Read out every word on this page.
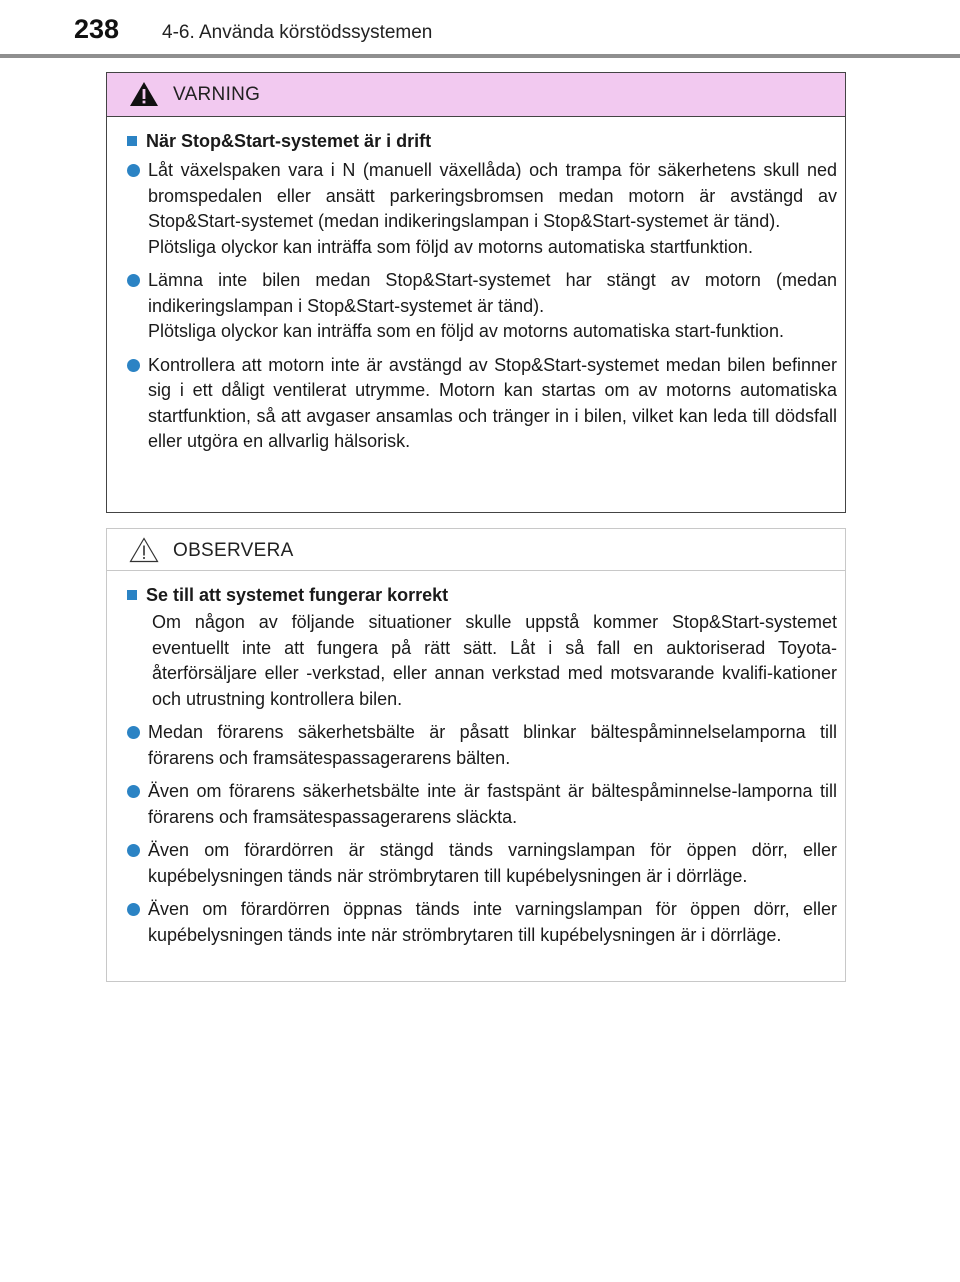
238 4-6. Använda körstödssystemen
VARNING
När Stop&Start-systemet är i drift

Låt växelspaken vara i N (manuell växellåda) och trampa för säkerhetens skull ned bromspedalen eller ansätt parkeringsbromsen medan motorn är avstängd av Stop&Start-systemet (medan indikeringslampan i Stop&Start-systemet är tänd).

Plötsliga olyckor kan inträffa som följd av motorns automatiska startfunktion.

Lämna inte bilen medan Stop&Start-systemet har stängt av motorn (medan indikeringslampan i Stop&Start-systemet är tänd).

Plötsliga olyckor kan inträffa som en följd av motorns automatiska start-funktion.

Kontrollera att motorn inte är avstängd av Stop&Start-systemet medan bilen befinner sig i ett dåligt ventilerat utrymme. Motorn kan startas om av motorns automatiska startfunktion, så att avgaser ansamlas och tränger in i bilen, vilket kan leda till dödsfall eller utgöra en allvarlig hälsorisk.

OBSERVERA
Se till att systemet fungerar korrekt

Om någon av följande situationer skulle uppstå kommer Stop&Start-systemet eventuellt inte att fungera på rätt sätt. Låt i så fall en auktoriserad Toyota-återförsäljare eller -verkstad, eller annan verkstad med motsvarande kvalifi-kationer och utrustning kontrollera bilen.

Medan förarens säkerhetsbälte är påsatt blinkar bältespåminnelselamporna till förarens och framsätespassagerarens bälten.

Även om förarens säkerhetsbälte inte är fastspänt är bältespåminnelse-lamporna till förarens och framsätespassagerarens släckta.

Även om förardörren är stängd tänds varningslampan för öppen dörr, eller kupébelysningen tänds när strömbrytaren till kupébelysningen är i dörrläge.

Även om förardörren öppnas tänds inte varningslampan för öppen dörr, eller kupébelysningen tänds inte när strömbrytaren till kupébelysningen är i dörrläge.
